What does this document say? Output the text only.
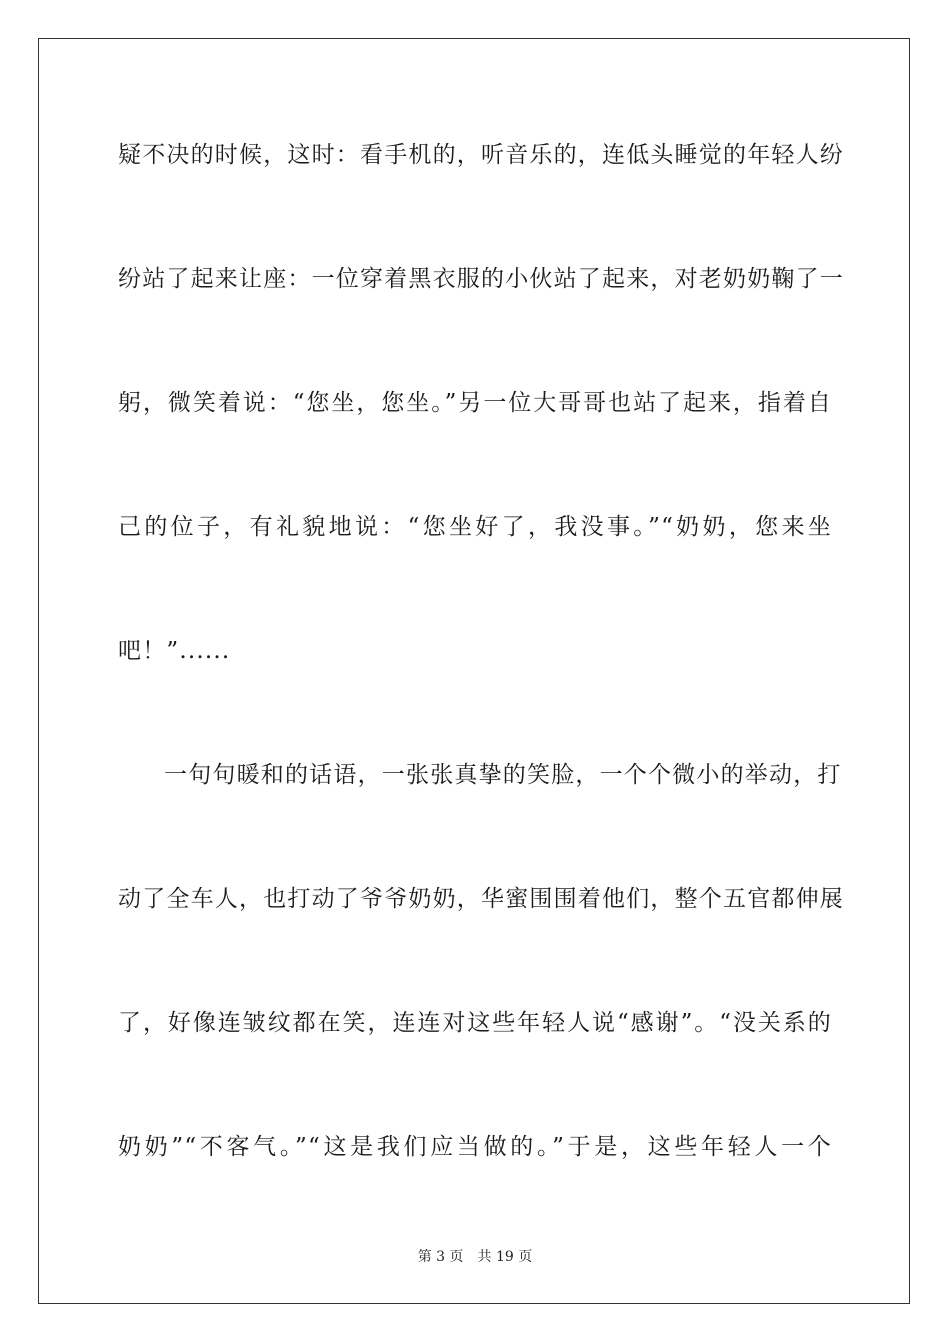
疑不决的时候，这时：看手机的，听音乐的，连低头睡觉的年轻人纷
纷站了起来让座：一位穿着黑衣服的小伙站了起来，对老奶奶鞠了一
躬，微笑着说：“您坐，您坐。”另一位大哥哥也站了起来，指着自
己的位子，有礼貌地说：“您坐好了，我没事。”“奶奶，您来坐
吧！”......
一句句暖和的话语，一张张真挚的笑脸，一个个微小的举动，打
动了全车人，也打动了爷爷奶奶，华蜜围围着他们，整个五官都伸展
了，好像连皱纹都在笑，连连对这些年轻人说“感谢”。“没关系的
奶奶”“不客气。”“这是我们应当做的。”于是，这些年轻人一个
第 3 页　共 19 页
